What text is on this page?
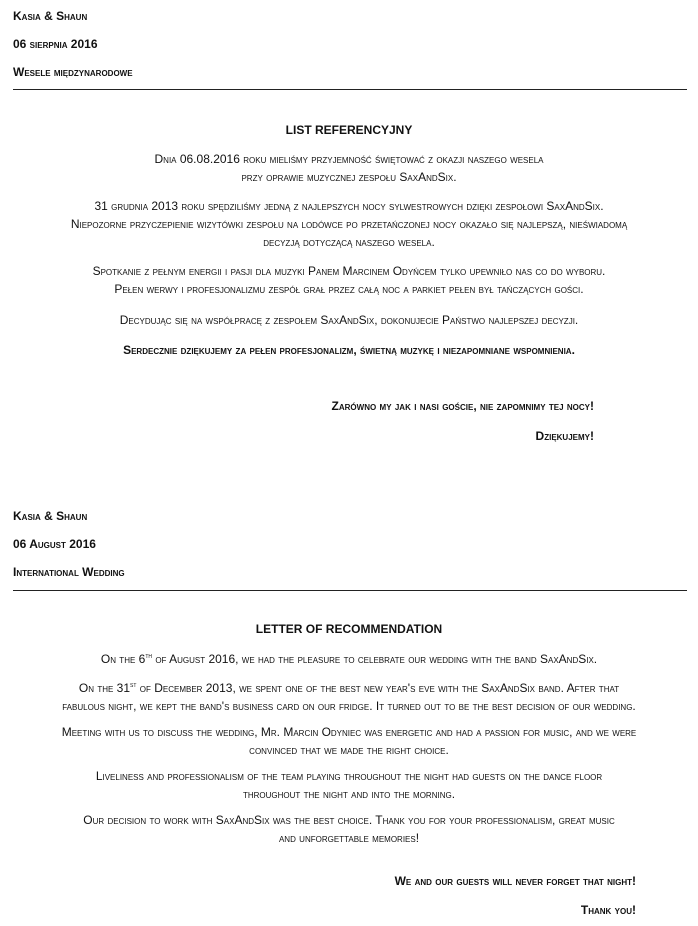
Kasia & Shaun
06 sierpnia 2016
Wesele międzynarodowe
LIST REFERENCYJNY
Dnia 06.08.2016 roku mieliśmy przyjemność świętować z okazji naszego wesela
przy oprawie muzycznej zespołu SaxAndSix.
31 grudnia 2013 roku spędziliśmy jedną z najlepszych nocy sylwestrowych dzięki zespołowi SaxAndSix.
Niepozorne przyczepienie wizytówki zespołu na lodówce po przetańczonej nocy okazało się najlepszą, nieświadomą
decyzją dotyczącą naszego wesela.
Spotkanie z pełnym energii i pasji dla muzyki Panem Marcinem Odyńcem tylko upewniło nas co do wyboru.
Pełen werwy i profesjonalizmu zespół grał przez całą noc a parkiet pełen był tańczących gości.
Decydując się na współpracę z zespołem SaxAndSix, dokonujecie Państwo najlepszej decyzji.
Serdecznie dziękujemy za pełen profesjonalizm, świetną muzykę i niezapomniane wspomnienia.
Zarówno my jak i nasi goście, nie zapomnimy tej nocy!
Dziękujemy!
Kasia & Shaun
06 August 2016
International Wedding
LETTER OF RECOMMENDATION
On the 6th of August 2016, we had the pleasure to celebrate our wedding with the band SaxAndSix.
On the 31st of December 2013, we spent one of the best new year's eve with the SaxAndSix band. After that
fabulous night, we kept the band's business card on our fridge. It turned out to be the best decision of our wedding.
Meeting with us to discuss the wedding, Mr. Marcin Odyniec was energetic and had a passion for music, and we were
convinced that we made the right choice.
Liveliness and professionalism of the team playing throughout the night had guests on the dance floor
throughout the night and into the morning.
Our decision to work with SaxAndSix was the best choice. Thank you for your professionalism, great music
and unforgettable memories!
We and our guests will never forget that night!
Thank you!
